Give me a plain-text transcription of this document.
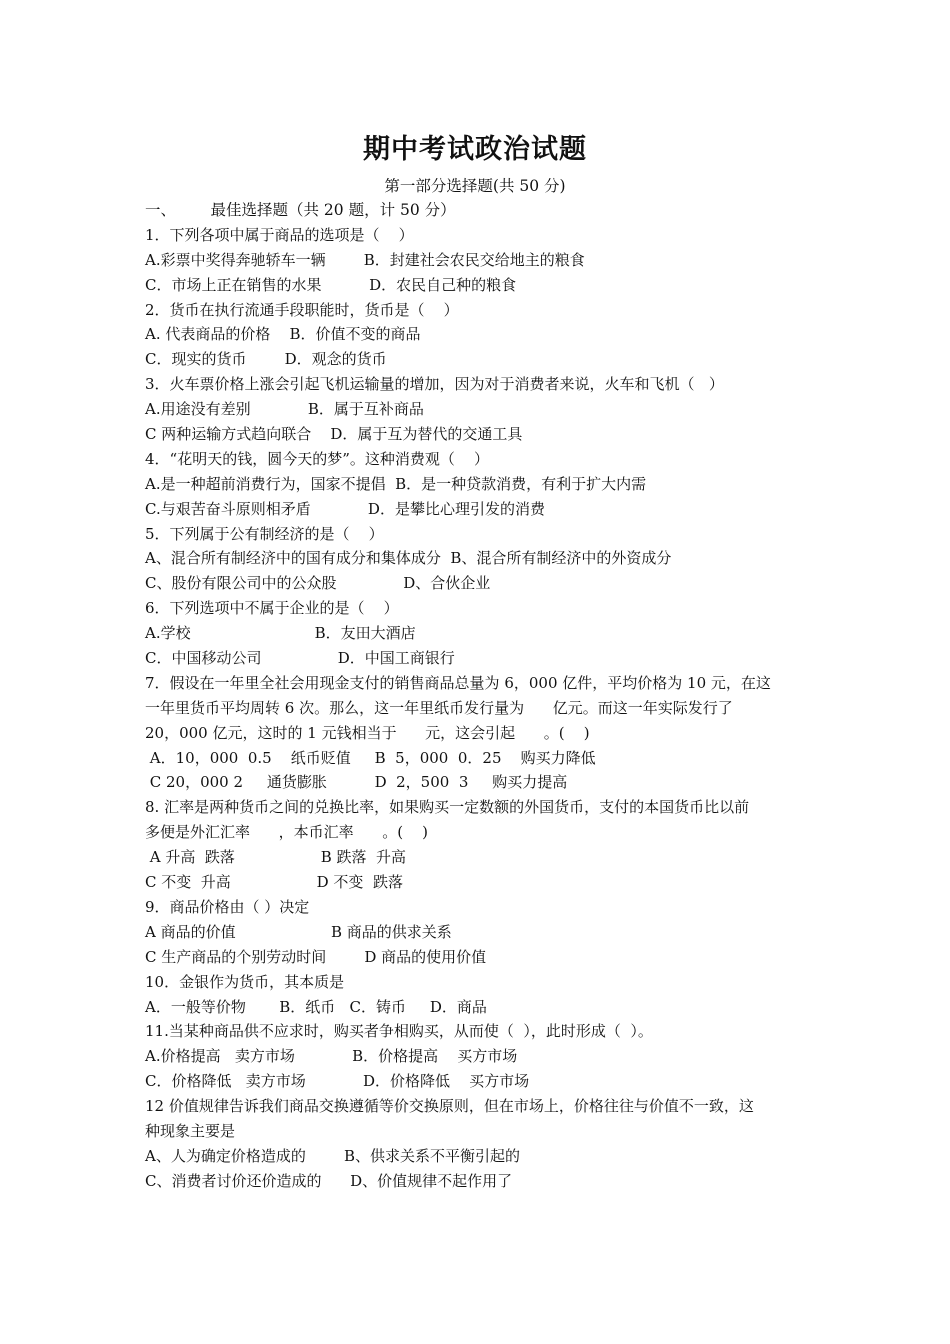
期中考试政治试题
第一部分选择题(共 50 分)
一、       最佳选择题（共 20 题，计 50 分）
1．下列各项中属于商品的选项是（    ）
A.彩票中奖得奔驰轿车一辆        B．封建社会农民交给地主的粮食
C．市场上正在销售的水果          D．农民自己种的粮食
2．货币在执行流通手段职能时，货币是（    ）
A. 代表商品的价格    B．价值不变的商品
C．现实的货币        D．观念的货币
3．火车票价格上涨会引起飞机运输量的增加，因为对于消费者来说，火车和飞机（   ）
A.用途没有差别            B．属于互补商品
C 两种运输方式趋向联合    D．属于互为替代的交通工具
4．“花明天的钱，圆今天的梦”。这种消费观（    ）
A.是一种超前消费行为，国家不提倡  B．是一种贷款消费，有利于扩大内需
C.与艰苦奋斗原则相矛盾            D．是攀比心理引发的消费
5．下列属于公有制经济的是（    ）
A、混合所有制经济中的国有成分和集体成分  B、混合所有制经济中的外资成分
C、股份有限公司中的公众股              D、合伙企业
6．下列选项中不属于企业的是（    ）
A.学校                          B．友田大酒店
C．中国移动公司                D．中国工商银行
7．假设在一年里全社会用现金支付的销售商品总量为 6，000 亿件，平均价格为 10 元，在这
一年里货币平均周转 6 次。那么，这一年里纸币发行量为      亿元。而这一年实际发行了
20，000 亿元，这时的 1 元钱相当于      元，这会引起      。(    )
A．10，000  0.5    纸币贬值     B  5，000  0．25    购买力降低
C 20，000 2     通货膨胀          D  2，500  3     购买力提高
8. 汇率是两种货币之间的兑换比率，如果购买一定数额的外国货币，支付的本国货币比以前
多便是外汇汇率      ，本币汇率      。(    )
A 升高  跌落                  B 跌落  升高
C 不变  升高                  D 不变  跌落
9．商品价格由（ ）决定
A 商品的价值                    B 商品的供求关系
C 生产商品的个别劳动时间        D 商品的使用价值
10．金银作为货币，其本质是
A．一般等价物       B．纸币   C．铸币     D．商品
11.当某种商品供不应求时，购买者争相购买，从而使（  ），此时形成（  ）。
A.价格提高   卖方市场            B．价格提高    买方市场
C．价格降低   卖方市场            D．价格降低    买方市场
12 价值规律告诉我们商品交换遵循等价交换原则，但在市场上，价格往往与价值不一致，这
种现象主要是
A、人为确定价格造成的        B、供求关系不平衡引起的
C、消费者讨价还价造成的      D、价值规律不起作用了
